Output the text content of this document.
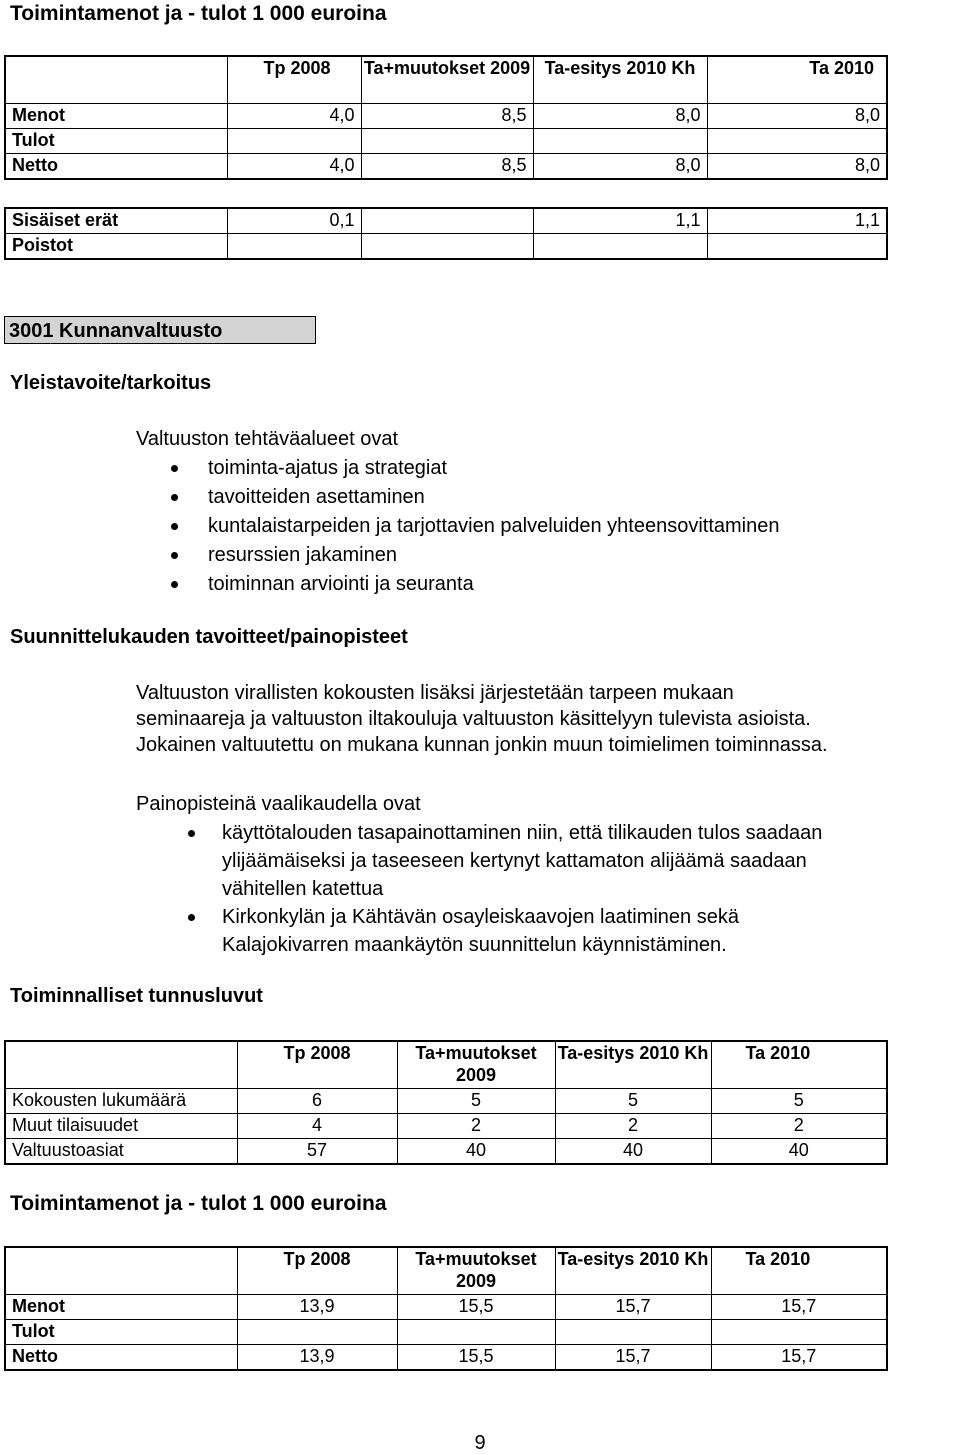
Toimintamenot ja - tulot 1 000 euroina
	Tp 2008	Ta+muutokset 2009	Ta-esitys 2010 Kh	Ta 2010
Menot	4,0	8,5	8,0	8,0
Tulot				
Netto	4,0	8,5	8,0	8,0
Sisäiset erät	0,1		1,1	1,1
Poistot				
3001 Kunnanvaltuusto
Yleistavoite/tarkoitus
Valtuuston tehtäväalueet ovat
toiminta-ajatus ja strategiat
tavoitteiden asettaminen
kuntalaistarpeiden ja tarjottavien palveluiden yhteensovittaminen
resurssien jakaminen
toiminnan arviointi ja seuranta
Suunnittelukauden tavoitteet/painopisteet
Valtuuston virallisten kokousten lisäksi järjestetään tarpeen mukaan
seminaareja ja valtuuston iltakouluja valtuuston käsittelyyn tulevista asioista.
Jokainen valtuutettu on mukana kunnan jonkin muun toimielimen toiminnassa.
Painopisteinä vaalikaudella ovat
käyttötalouden tasapainottaminen niin, että tilikauden tulos saadaan
ylijäämäiseksi ja taseeseen kertynyt kattamaton alijäämä saadaan
vähitellen katettua
Kirkonkylän ja Kähtävän osayleiskaavojen laatiminen sekä
Kalajokivarren maankäytön suunnittelun käynnistäminen.
Toiminnalliset tunnusluvut
	Tp 2008	Ta+muutokset 2009	Ta-esitys 2010 Kh	Ta 2010
Kokousten lukumäärä	6	5	5	5
Muut tilaisuudet	4	2	2	2
Valtuustoasiat	57	40	40	40
Toimintamenot ja - tulot 1 000 euroina
	Tp 2008	Ta+muutokset 2009	Ta-esitys 2010 Kh	Ta 2010
Menot	13,9	15,5	15,7	15,7
Tulot				
Netto	13,9	15,5	15,7	15,7
9
